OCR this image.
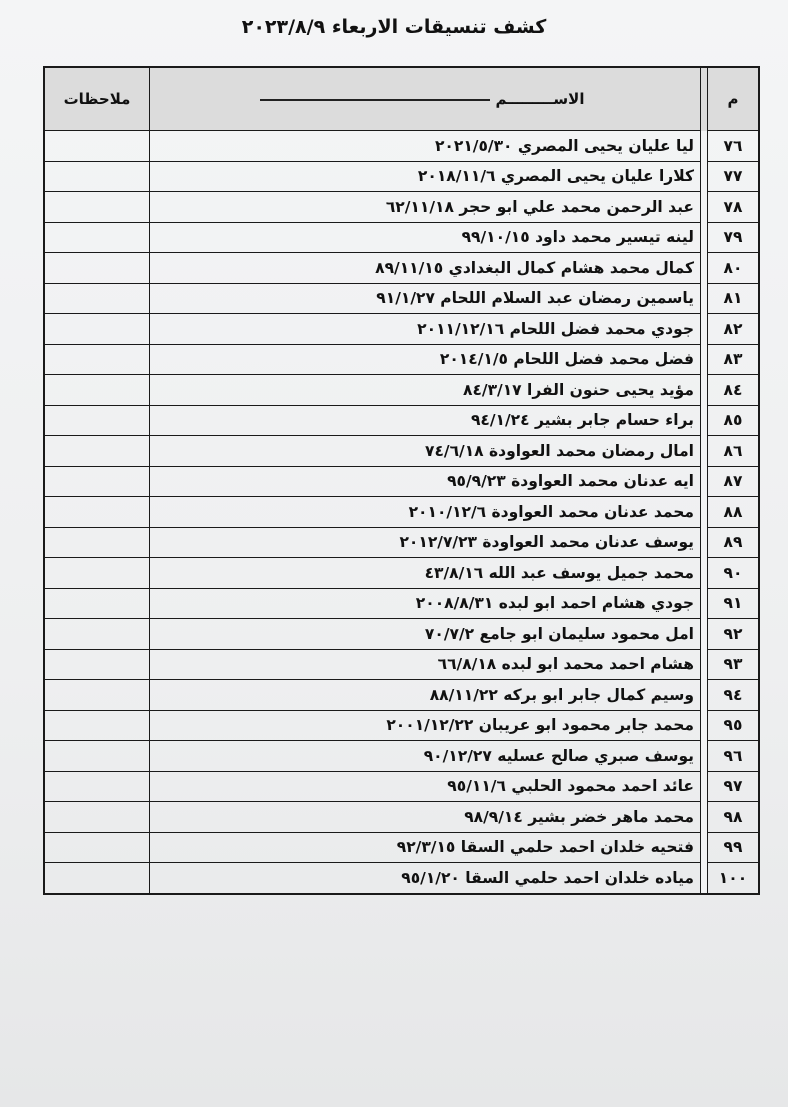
كشف تنسيقات الاربعاء ٢٠٢٣/٨/٩
م		الاســـــــــم	ملاحظات
٧٦		ليا عليان يحيى المصري ٢٠٢١/٥/٣٠	
٧٧		كلارا عليان يحيى المصري ٢٠١٨/١١/٦	
٧٨		عبد الرحمن محمد علي ابو حجر ٦٢/١١/١٨	
٧٩		لينه تيسير محمد داود ٩٩/١٠/١٥	
٨٠		كمال محمد هشام كمال البغدادي ٨٩/١١/١٥	
٨١		ياسمين رمضان عبد السلام اللحام ٩١/١/٢٧	
٨٢		جودي محمد فضل اللحام ٢٠١١/١٢/١٦	
٨٣		فضل محمد فضل اللحام ٢٠١٤/١/٥	
٨٤		مؤيد يحيى حنون الفرا ٨٤/٣/١٧	
٨٥		براء حسام جابر بشير ٩٤/١/٢٤	
٨٦		امال رمضان محمد العواودة ٧٤/٦/١٨	
٨٧		ايه عدنان محمد العواودة ٩٥/٩/٢٣	
٨٨		محمد عدنان محمد العواودة ٢٠١٠/١٢/٦	
٨٩		يوسف عدنان محمد العواودة ٢٠١٢/٧/٢٣	
٩٠		محمد جميل يوسف عبد الله ٤٣/٨/١٦	
٩١		جودي هشام احمد ابو لبده ٢٠٠٨/٨/٣١	
٩٢		امل محمود سليمان ابو جامع ٧٠/٧/٢	
٩٣		هشام احمد محمد ابو لبده ٦٦/٨/١٨	
٩٤		وسيم كمال جابر ابو بركه ٨٨/١١/٢٢	
٩٥		محمد جابر محمود ابو عريبان ٢٠٠١/١٢/٢٢	
٩٦		يوسف صبري صالح عسليه ٩٠/١٢/٢٧	
٩٧		عائد احمد محمود الحلبي ٩٥/١١/٦	
٩٨		محمد ماهر خضر بشير ٩٨/٩/١٤	
٩٩		فتحيه خلدان احمد حلمي السقا ٩٢/٣/١٥	
١٠٠		مياده خلدان احمد حلمي السقا ٩٥/١/٢٠	
